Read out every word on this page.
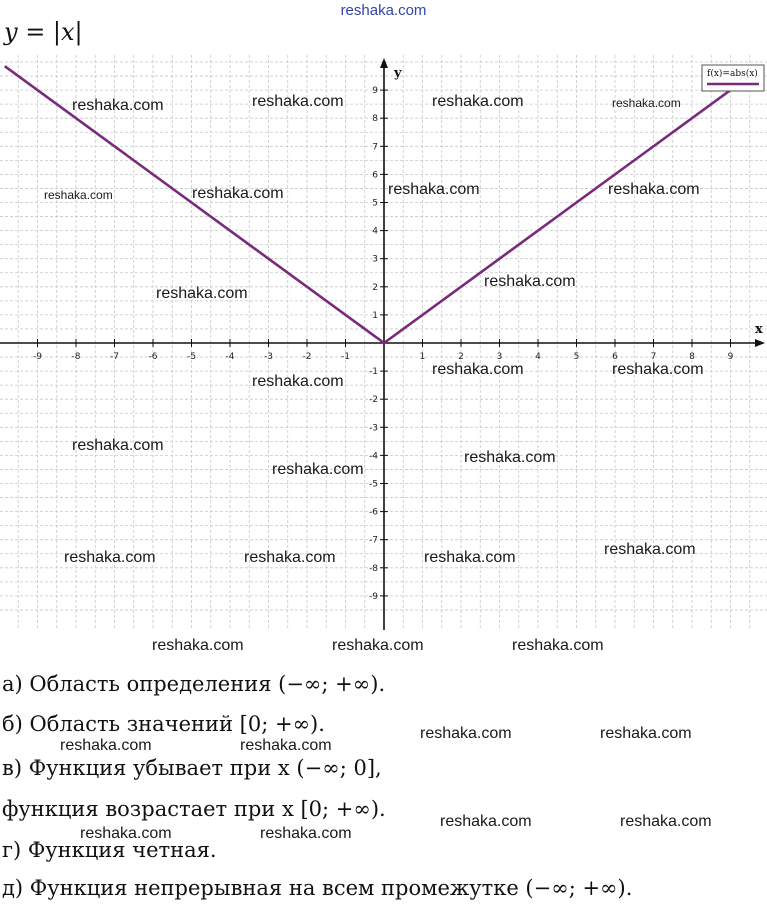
reshaka.com
y = |x|
x
y
-9	-8	-7	-6	-5	-4	-3	-2	-1	1	2	3	4	5	6	7	8	9
-9
-8
-7
-6
-5
-4
-3
-2
-1
1
2
3
4
5
6
7
8
9
f(x)=abs(x)
reshaka.com	reshaka.com	reshaka.com	reshaka.com
reshaka.com	reshaka.com	reshaka.com	reshaka.com
reshaka.com
reshaka.com
reshaka.com
reshaka.com	reshaka.com
reshaka.com
reshaka.com
reshaka.com
reshaka.com	reshaka.com	reshaka.com	reshaka.com
reshaka.com	reshaka.com	reshaka.com
reshaka.com	reshaka.com
reshaka.com	reshaka.com
reshaka.com	reshaka.com
reshaka.com	reshaka.com
а) Область определения (−∞; +∞).
б) Область значений [0; +∞).
в) Функция убывает при x (−∞; 0],
функция возрастает при x [0; +∞).
г) Функция четная.
д) Функция непрерывная на всем промежутке (−∞; +∞).
